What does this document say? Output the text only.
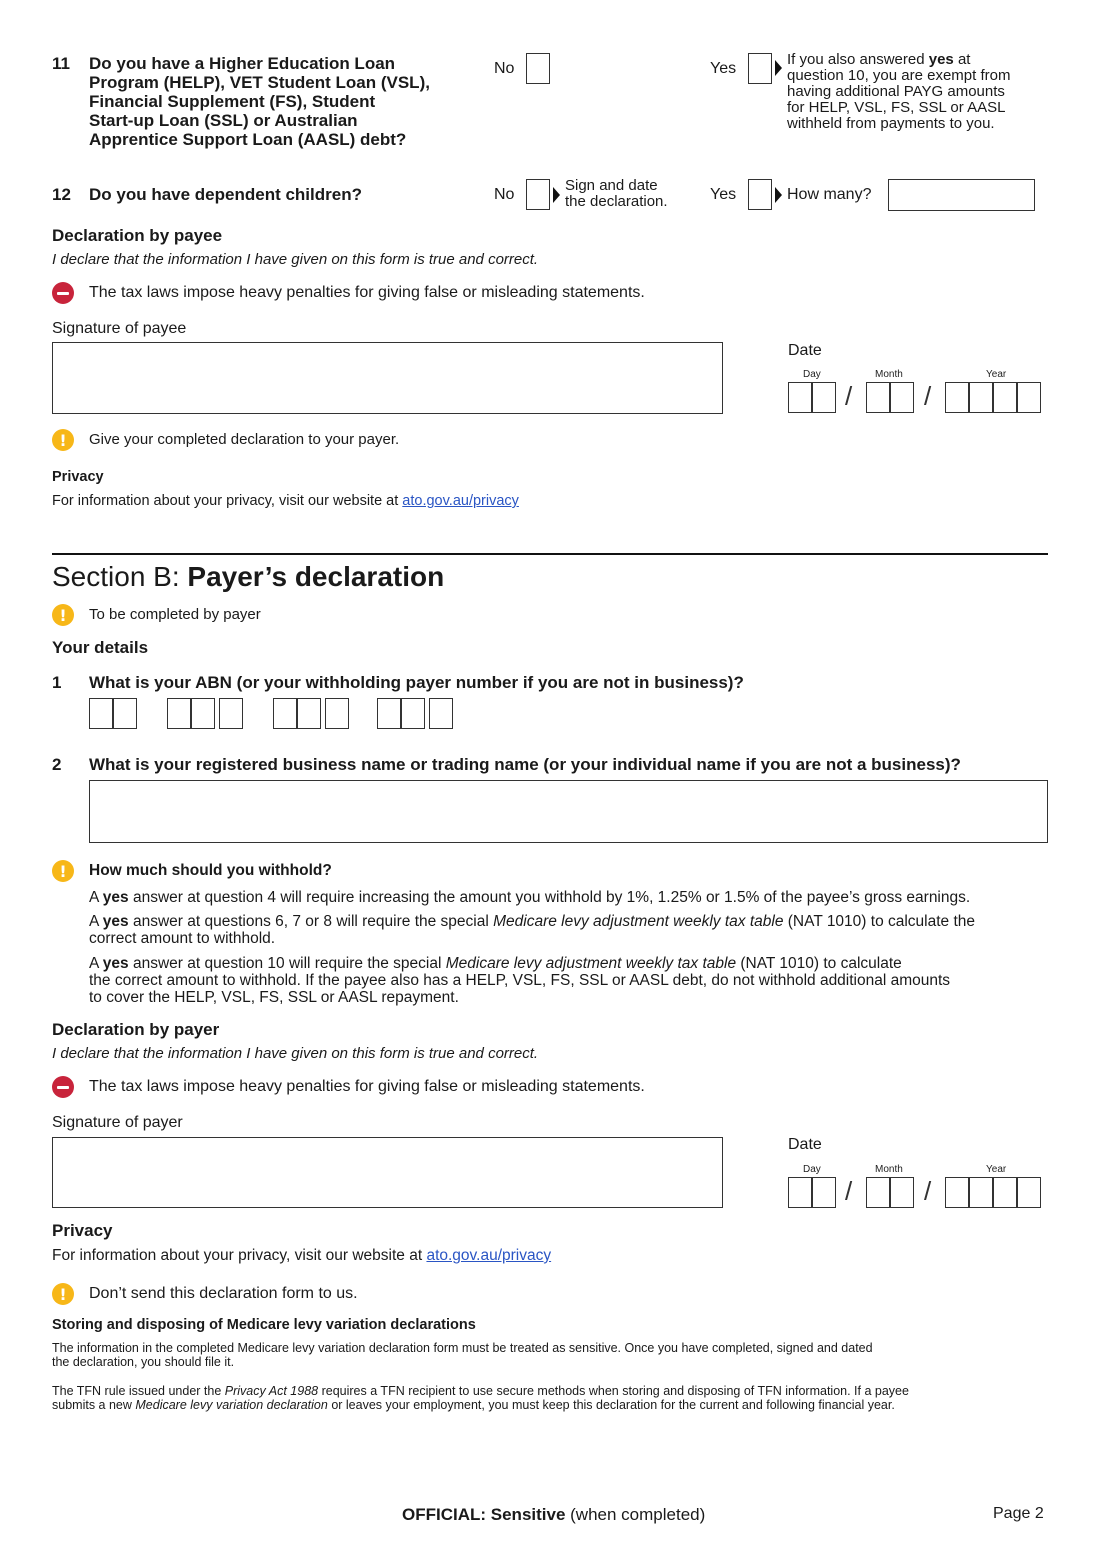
11 Do you have a Higher Education Loan
Program (HELP), VET Student Loan (VSL),
Financial Supplement (FS), Student
Start-up Loan (SSL) or Australian
Apprentice Support Loan (AASL) debt?
No	Yes
If you also answered yes at
question 10, you are exempt from
having additional PAYG amounts
for HELP, VSL, FS, SSL or AASL
withheld from payments to you.
12 Do you have dependent children?	No
Sign and date
the declaration.	Yes	How many?
Declaration by payee
I declare that the information I have given on this form is true and correct.
The tax laws impose heavy penalties for giving false or misleading statements.
Signature of payee
Date
Day	Month	Year
/	/
!	Give your completed declaration to your payer.
Privacy
For information about your privacy, visit our website at ato.gov.au/privacy
Section B: Payer’s declaration
!	To be completed by payer
Your details
1 What is your ABN (or your withholding payer number if you are not in business)?
2 What is your registered business name or trading name (or your individual name if you are not a business)?
!	How much should you withhold?
A yes answer at question 4 will require increasing the amount you withhold by 1%, 1.25% or 1.5% of the payee’s gross earnings.
A yes answer at questions 6, 7 or 8 will require the special Medicare levy adjustment weekly tax table (NAT 1010) to calculate the
correct amount to withhold.
A yes answer at question 10 will require the special Medicare levy adjustment weekly tax table (NAT 1010) to calculate
the correct amount to withhold. If the payee also has a HELP, VSL, FS, SSL or AASL debt, do not withhold additional amounts
to cover the HELP, VSL, FS, SSL or AASL repayment.
Declaration by payer
I declare that the information I have given on this form is true and correct.
The tax laws impose heavy penalties for giving false or misleading statements.
Signature of payer
Date
Day	Month	Year
/	/
Privacy
For information about your privacy, visit our website at ato.gov.au/privacy
!	Don’t send this declaration form to us.
Storing and disposing of Medicare levy variation declarations
The information in the completed Medicare levy variation declaration form must be treated as sensitive. Once you have completed, signed and dated
the declaration, you should file it.
The TFN rule issued under the Privacy Act 1988 requires a TFN recipient to use secure methods when storing and disposing of TFN information. If a payee
submits a new Medicare levy variation declaration or leaves your employment, you must keep this declaration for the current and following financial year.
OFFICIAL: Sensitive (when completed)	Page 2
